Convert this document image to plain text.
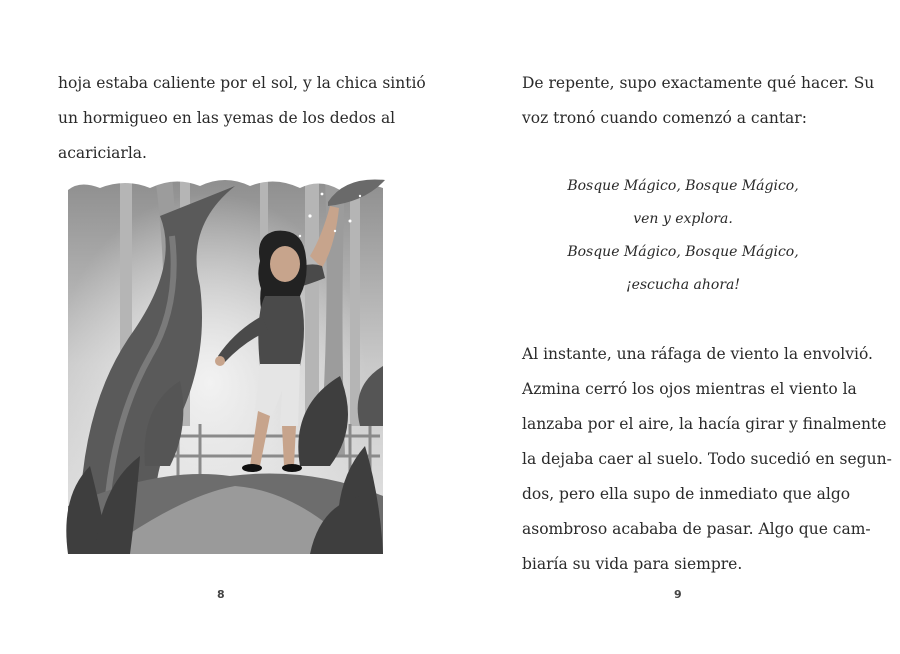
hoja estaba caliente por el sol, y la chica sintió
un hormigueo en las yemas de los dedos al
acariciarla.
8
De repente, supo exactamente qué hacer. Su
voz tronó cuando comenzó a cantar:
Bosque Mágico, Bosque Mágico,
ven y explora.
Bosque Mágico, Bosque Mágico,
¡escucha ahora!
Al instante, una ráfaga de viento la envolvió.
Azmina cerró los ojos mientras el viento la
lanzaba por el aire, la hacía girar y finalmente
la dejaba caer al suelo. Todo sucedió en segun-
dos, pero ella supo de inmediato que algo
asombroso acababa de pasar. Algo que cam-
biaría su vida para siempre.
9
